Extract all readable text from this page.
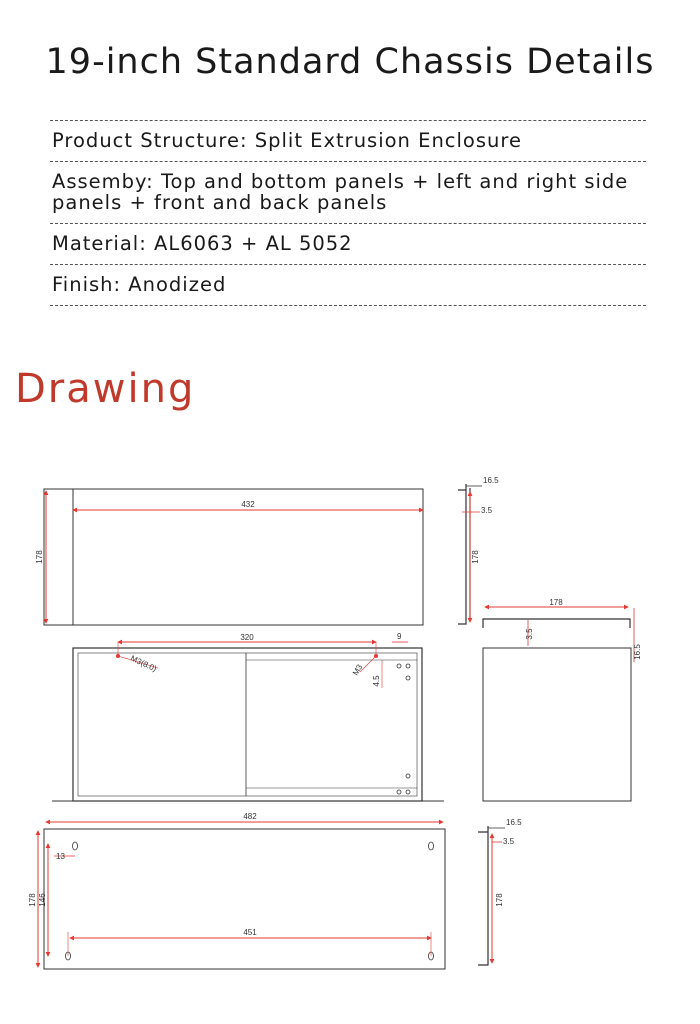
19-inch Standard Chassis Details
Product Structure : Split Extrusion Enclosure
Assemby : Top and bottom panels + left and right side panels + front and back panels
Material : AL6063 + AL 5052
Finish : Anodized
Drawing
432
178
16.5
3.5
178
178
3.5
16.5
320	9
M3(8.0)	M3
4.5
482
451
178 146
13
16.5
3.5
178
